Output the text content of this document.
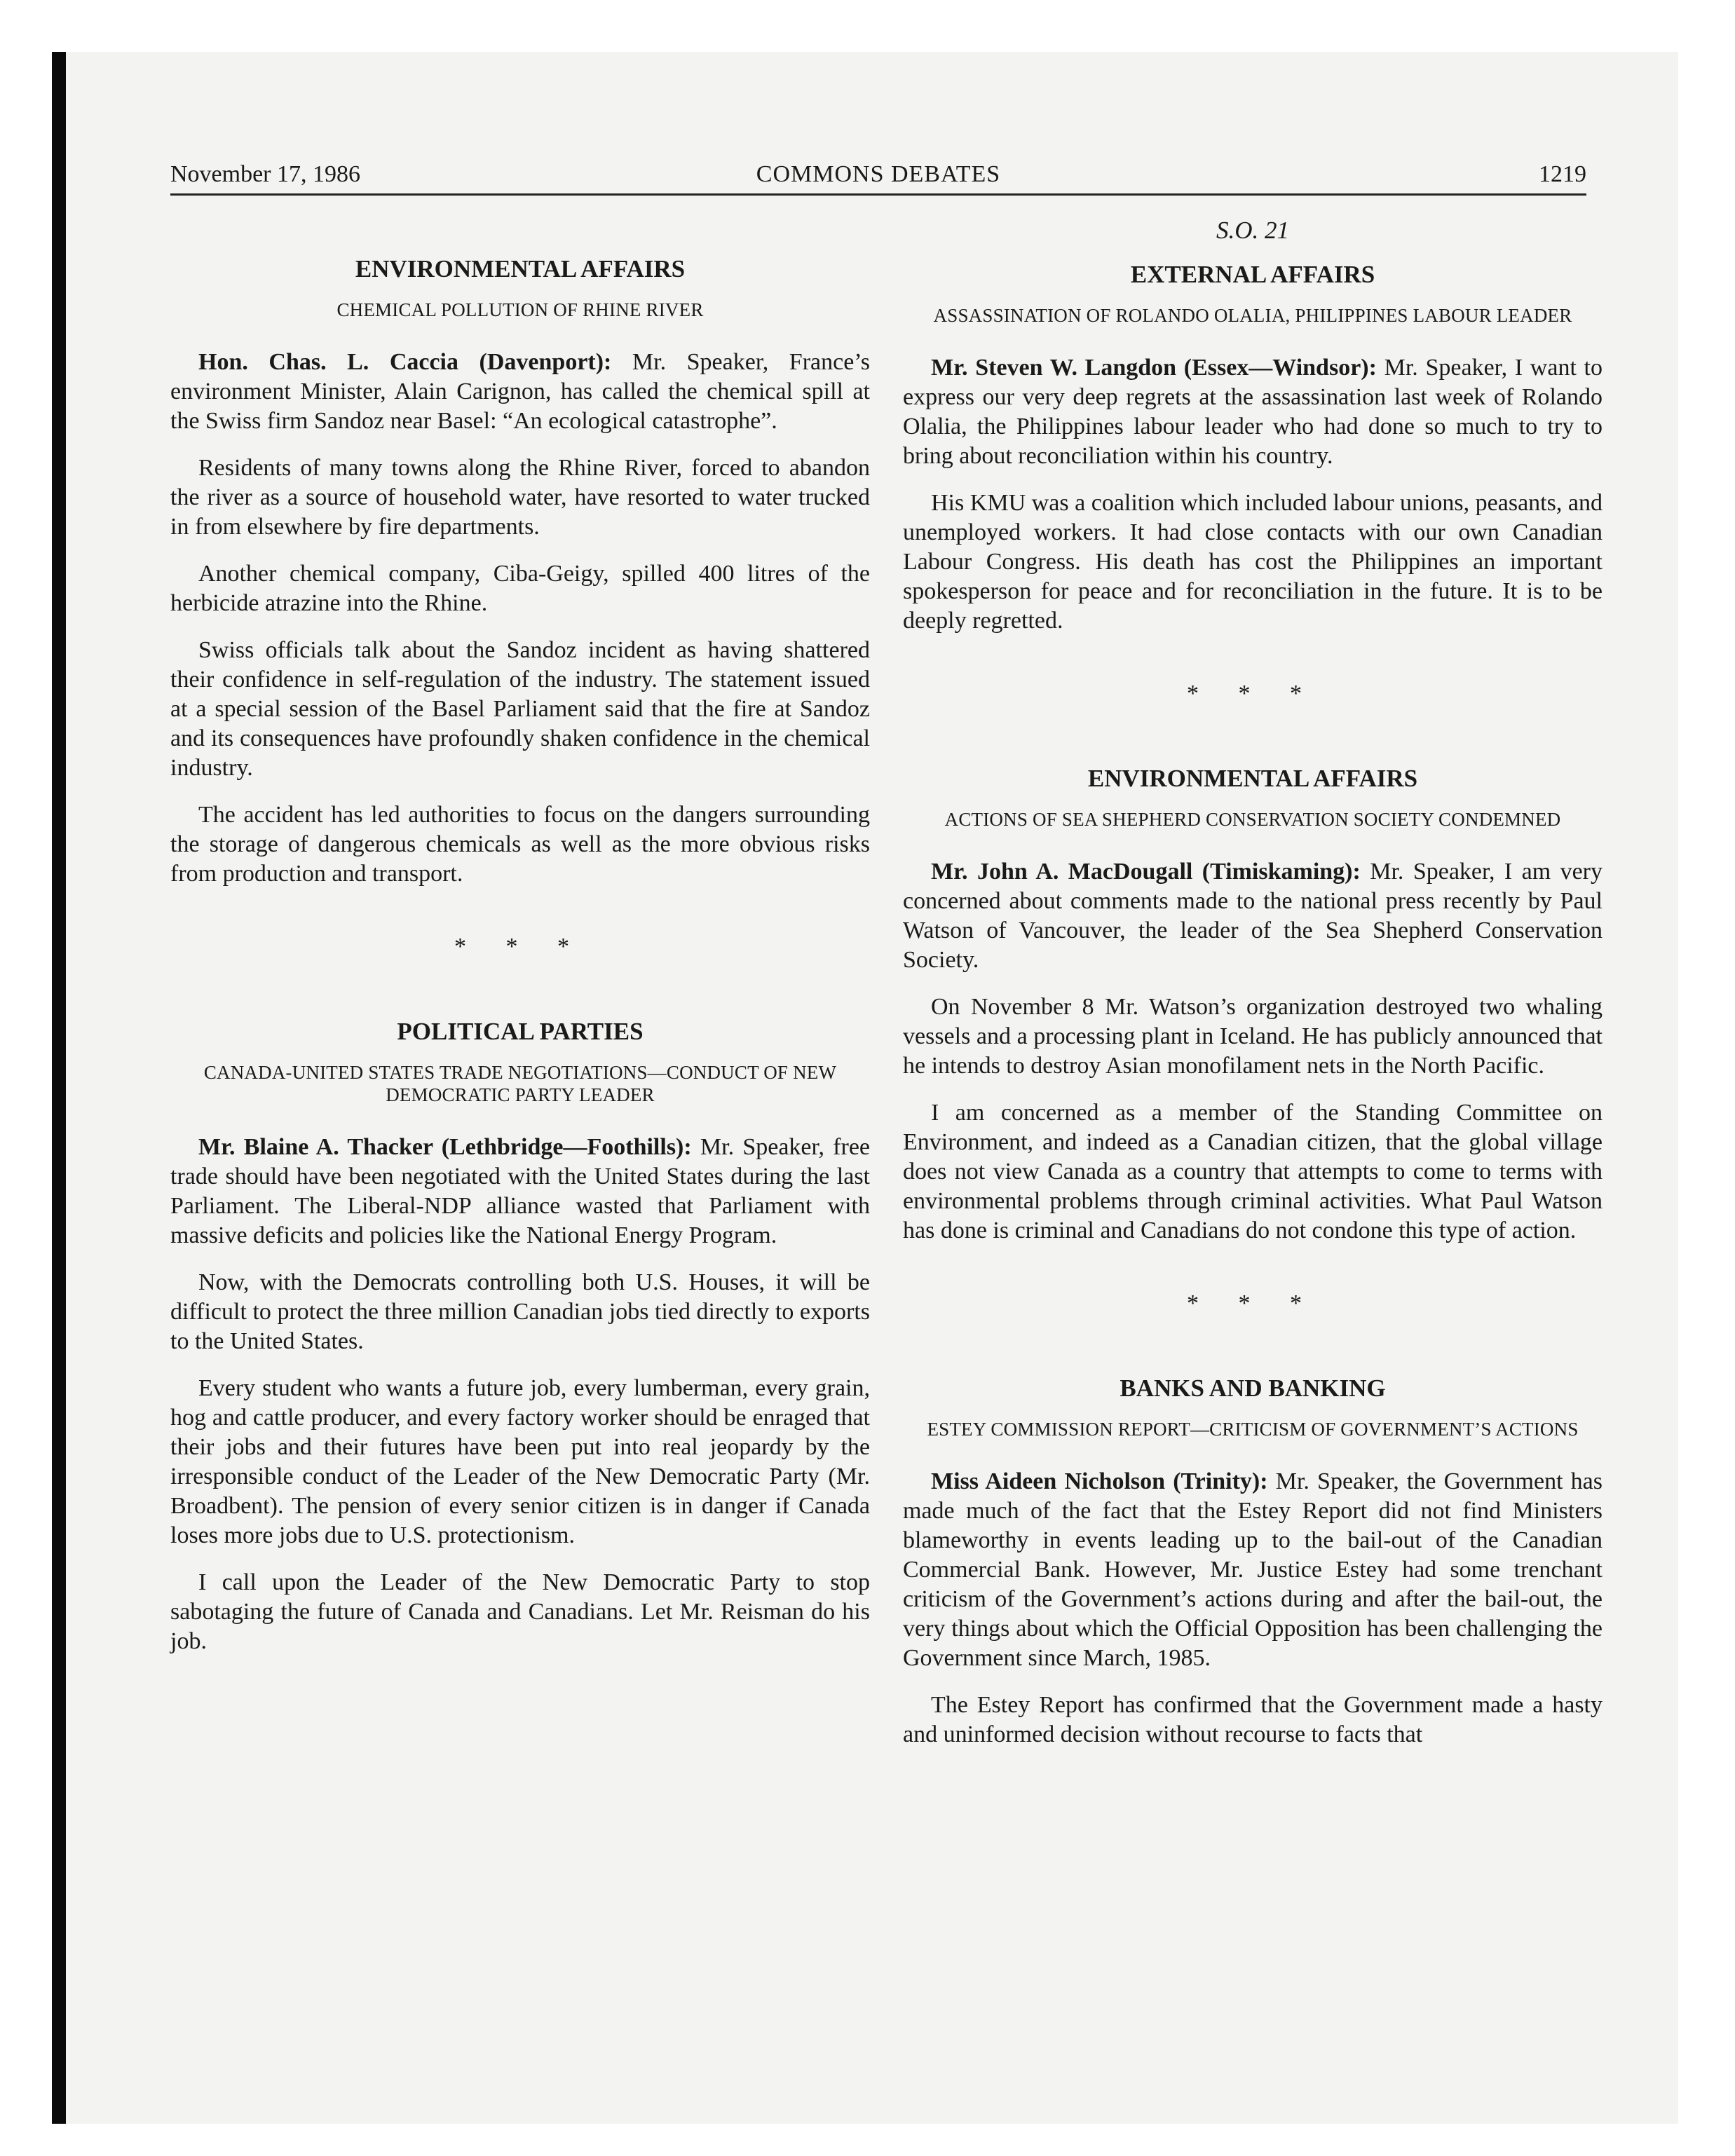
November 17, 1986	COMMONS DEBATES	1219
ENVIRONMENTAL AFFAIRS
CHEMICAL POLLUTION OF RHINE RIVER

Hon. Chas. L. Caccia (Davenport): Mr. Speaker, France’s environment Minister, Alain Carignon, has called the chemical spill at the Swiss firm Sandoz near Basel: “An ecological catastrophe”.

Residents of many towns along the Rhine River, forced to abandon the river as a source of household water, have resorted to water trucked in from elsewhere by fire departments.

Another chemical company, Ciba-Geigy, spilled 400 litres of the herbicide atrazine into the Rhine.

Swiss officials talk about the Sandoz incident as having shattered their confidence in self-regulation of the industry. The statement issued at a special session of the Basel Parliament said that the fire at Sandoz and its consequences have profoundly shaken confidence in the chemical industry.

The accident has led authorities to focus on the dangers surrounding the storage of dangerous chemicals as well as the more obvious risks from production and transport.

* * *
POLITICAL PARTIES
CANADA-UNITED STATES TRADE NEGOTIATIONS—CONDUCT OF NEW DEMOCRATIC PARTY LEADER

Mr. Blaine A. Thacker (Lethbridge—Foothills): Mr. Speaker, free trade should have been negotiated with the United States during the last Parliament. The Liberal-NDP alliance wasted that Parliament with massive deficits and policies like the National Energy Program.

Now, with the Democrats controlling both U.S. Houses, it will be difficult to protect the three million Canadian jobs tied directly to exports to the United States.

Every student who wants a future job, every lumberman, every grain, hog and cattle producer, and every factory worker should be enraged that their jobs and their futures have been put into real jeopardy by the irresponsible conduct of the Leader of the New Democratic Party (Mr. Broadbent). The pension of every senior citizen is in danger if Canada loses more jobs due to U.S. protectionism.

I call upon the Leader of the New Democratic Party to stop sabotaging the future of Canada and Canadians. Let Mr. Reisman do his job.

S.O. 21
EXTERNAL AFFAIRS
ASSASSINATION OF ROLANDO OLALIA, PHILIPPINES LABOUR LEADER

Mr. Steven W. Langdon (Essex—Windsor): Mr. Speaker, I want to express our very deep regrets at the assassination last week of Rolando Olalia, the Philippines labour leader who had done so much to try to bring about reconciliation within his country.

His KMU was a coalition which included labour unions, peasants, and unemployed workers. It had close contacts with our own Canadian Labour Congress. His death has cost the Philippines an important spokesperson for peace and for reconciliation in the future. It is to be deeply regretted.

* * *
ENVIRONMENTAL AFFAIRS
ACTIONS OF SEA SHEPHERD CONSERVATION SOCIETY CONDEMNED

Mr. John A. MacDougall (Timiskaming): Mr. Speaker, I am very concerned about comments made to the national press recently by Paul Watson of Vancouver, the leader of the Sea Shepherd Conservation Society.

On November 8 Mr. Watson’s organization destroyed two whaling vessels and a processing plant in Iceland. He has publicly announced that he intends to destroy Asian monofilament nets in the North Pacific.

I am concerned as a member of the Standing Committee on Environment, and indeed as a Canadian citizen, that the global village does not view Canada as a country that attempts to come to terms with environmental problems through criminal activities. What Paul Watson has done is criminal and Canadians do not condone this type of action.

* * *
BANKS AND BANKING
ESTEY COMMISSION REPORT—CRITICISM OF GOVERNMENT’S ACTIONS

Miss Aideen Nicholson (Trinity): Mr. Speaker, the Government has made much of the fact that the Estey Report did not find Ministers blameworthy in events leading up to the bail-out of the Canadian Commercial Bank. However, Mr. Justice Estey had some trenchant criticism of the Government’s actions during and after the bail-out, the very things about which the Official Opposition has been challenging the Government since March, 1985.

The Estey Report has confirmed that the Government made a hasty and uninformed decision without recourse to facts that
